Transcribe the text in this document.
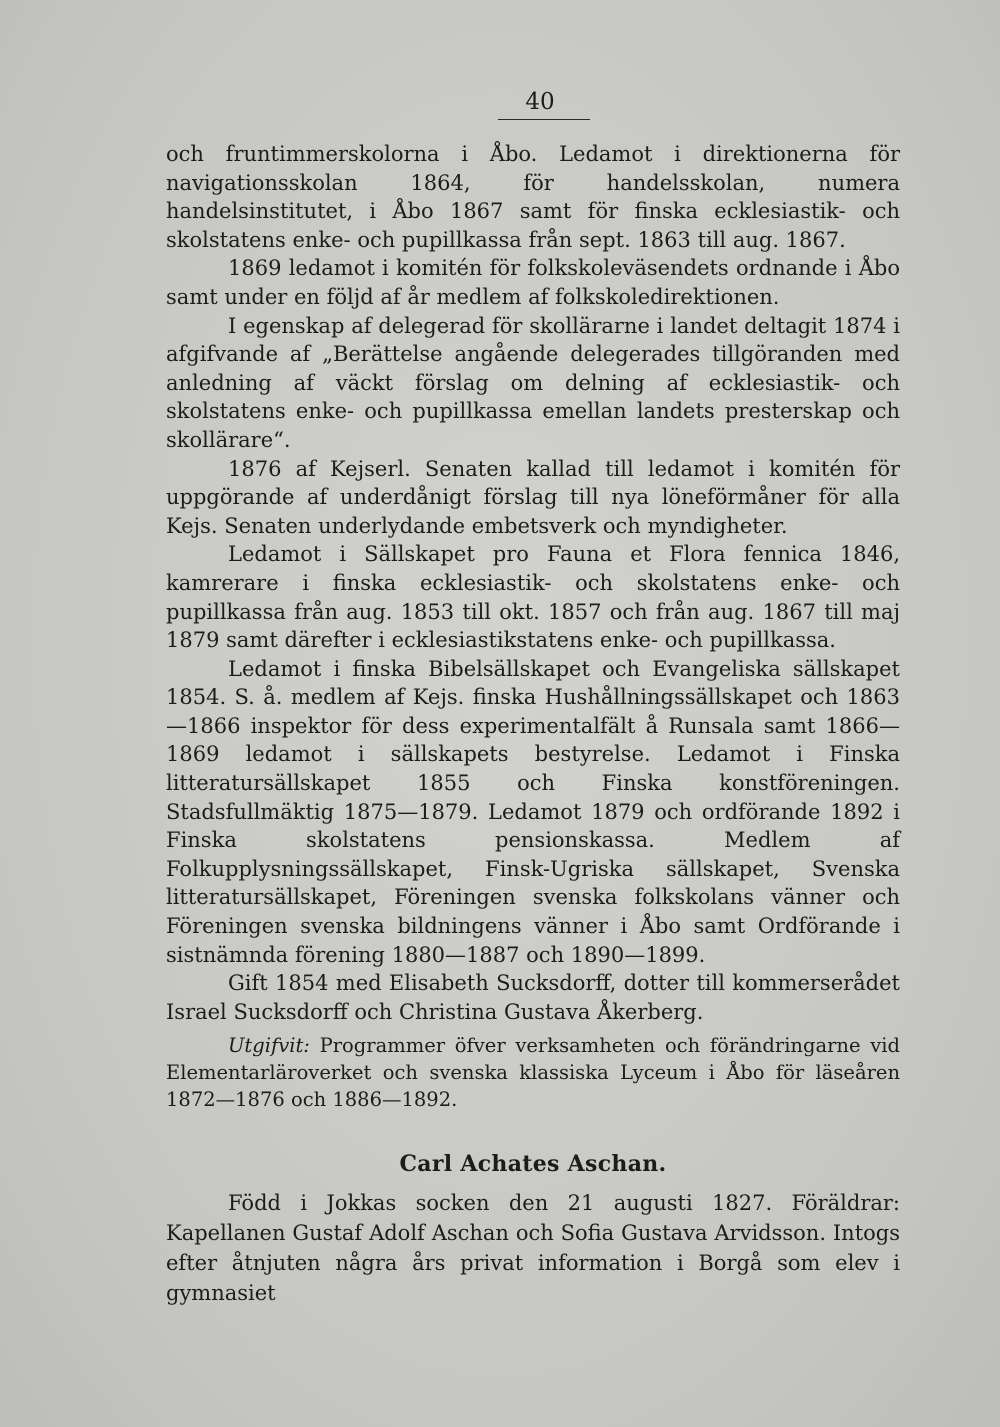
40

och fruntimmerskolorna i Åbo. Ledamot i direktionerna för navigationsskolan 1864, för handelsskolan, numera handelsinstitutet, i Åbo 1867 samt för finska ecklesiastik- och skolstatens enke- och pupillkassa från sept. 1863 till aug. 1867.

1869 ledamot i komitén för folkskoleväsendets ordnande i Åbo samt under en följd af år medlem af folkskoledirektionen.

I egenskap af delegerad för skollärarne i landet deltagit 1874 i afgifvande af „Berättelse angående delegerades tillgöranden med anledning af väckt förslag om delning af ecklesiastik- och skolstatens enke- och pupillkassa emellan landets presterskap och skollärare“.

1876 af Kejserl. Senaten kallad till ledamot i komitén för uppgörande af underdånigt förslag till nya löneförmåner för alla Kejs. Senaten underlydande embetsverk och myndigheter.

Ledamot i Sällskapet pro Fauna et Flora fennica 1846, kamrerare i finska ecklesiastik- och skolstatens enke- och pupillkassa från aug. 1853 till okt. 1857 och från aug. 1867 till maj 1879 samt därefter i ecklesiastikstatens enke- och pupillkassa.

Ledamot i finska Bibelsällskapet och Evangeliska sällskapet 1854. S. å. medlem af Kejs. finska Hushållningssällskapet och 1863—1866 inspektor för dess experimentalfält å Runsala samt 1866—1869 ledamot i sällskapets bestyrelse. Ledamot i Finska litteratursällskapet 1855 och Finska konstföreningen. Stadsfullmäktig 1875—1879. Ledamot 1879 och ordförande 1892 i Finska skolstatens pensionskassa. Medlem af Folkupplysningssällskapet, Finsk-Ugriska sällskapet, Svenska litteratursällskapet, Föreningen svenska folkskolans vänner och Föreningen svenska bildningens vänner i Åbo samt Ordförande i sistnämnda förening 1880—1887 och 1890—1899.

Gift 1854 med Elisabeth Sucksdorff, dotter till kommerserådet Israel Sucksdorff och Christina Gustava Åkerberg.

Utgifvit: Programmer öfver verksamheten och förändringarne vid Elementarläroverket och svenska klassiska Lyceum i Åbo för läseåren 1872—1876 och 1886—1892.

Carl Achates Aschan.

Född i Jokkas socken den 21 augusti 1827. Föräldrar: Kapellanen Gustaf Adolf Aschan och Sofia Gustava Arvidsson. Intogs efter åtnjuten några års privat information i Borgå som elev i gymnasiet
